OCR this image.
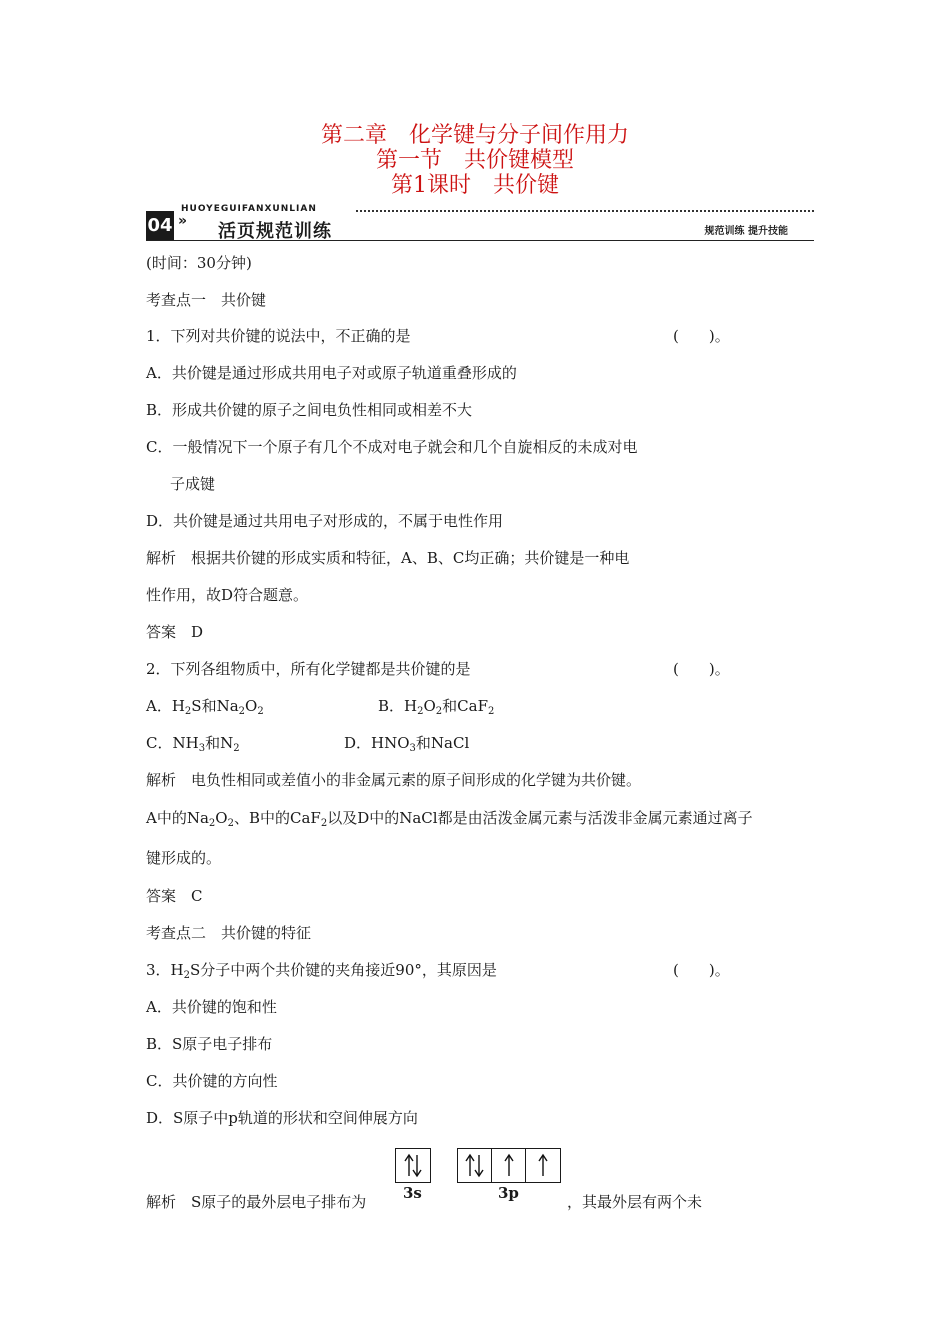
第二章　化学键与分子间作用力
第一节　共价键模型
第1课时　共价键
HUOYEGUIFANXUNLIAN
04 » 活页规范训练	规范训练 提升技能
(时间：30分钟)
考查点一　共价键
1．下列对共价键的说法中，不正确的是	(　　)。
A．共价键是通过形成共用电子对或原子轨道重叠形成的
B．形成共价键的原子之间电负性相同或相差不大
C．一般情况下一个原子有几个不成对电子就会和几个自旋相反的未成对电
子成键
D．共价键是通过共用电子对形成的，不属于电性作用
解析　根据共价键的形成实质和特征，A、B、C均正确；共价键是一种电
性作用，故D符合题意。
答案　D
2．下列各组物质中，所有化学键都是共价键的是	(　　)。
A．$H_2S$和$Na_2O_2$	B．$H_2O_2$和CaF$_2$
C．$NH_3$和$N_2$	D．$HNO_3$和NaCl
解析　电负性相同或差值小的非金属元素的原子间形成的化学键为共价键。
A中的$Na_2O_2$、B中的CaF$_2$以及D中的NaCl都是由活泼金属元素与活泼非金属元素通过离子
键形成的。
答案　C
考查点二　共价键的特征
3．$H_2S$分子中两个共价键的夹角接近90°，其原因是	(　　)。
A．共价键的饱和性
B．S原子电子排布
C．共价键的方向性
D．S原子中p轨道的形状和空间伸展方向
3s	3p
解析　S原子的最外层电子排布为	，其最外层有两个未
